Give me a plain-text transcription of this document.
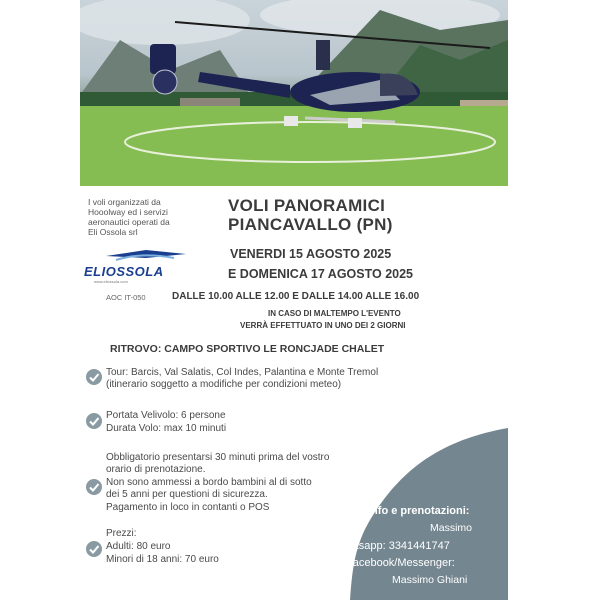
I voli organizzati da
Hooolway ed i servizi
aeronautici operati da
Eli Ossola srl
ELIOSSOLA
www.eliossola.com
AOC IT-050
VOLI PANORAMICI
PIANCAVALLO (PN)
VENERDI 15 AGOSTO 2025
E DOMENICA 17 AGOSTO 2025
DALLE 10.00 ALLE 12.00 E DALLE 14.00 ALLE 16.00
IN CASO DI MALTEMPO L'EVENTO
VERRÀ EFFETTUATO IN UNO DEI 2 GIORNI
RITROVO: CAMPO SPORTIVO LE RONCJADE CHALET
Tour: Barcis, Val Salatis, Col Indes, Palantina e Monte Tremol
(itinerario soggetto a modifiche per condizioni meteo)
Portata Velivolo: 6 persone
Durata Volo: max 10 minuti
Obbligatorio presentarsi 30 minuti prima del vostro
orario di prenotazione.
Non sono ammessi a bordo bambini al di sotto
dei 5 anni per questioni di sicurezza.
Pagamento in loco in contanti o POS
Prezzi:
Adulti: 80 euro
Minori di 18 anni: 70 euro
Info e prenotazioni:
Massimo
Sms/Whatsapp: 3341441747
Facebook/Messenger:
Massimo Ghiani
